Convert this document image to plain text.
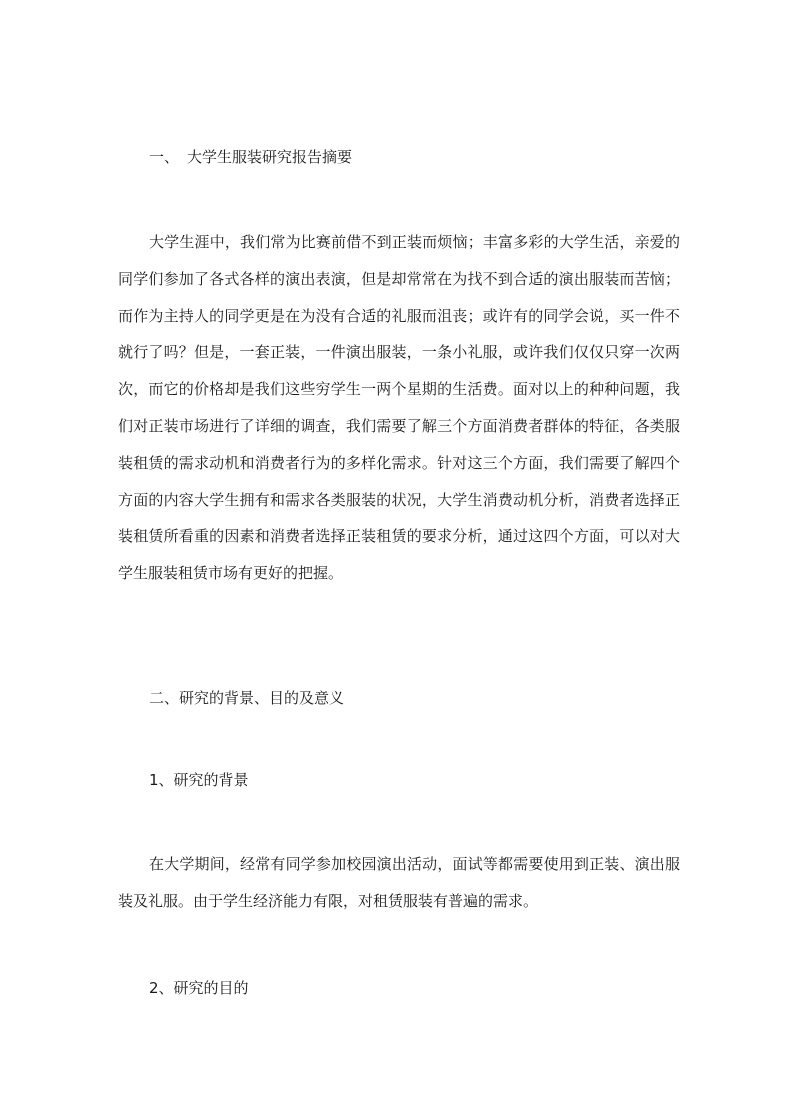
一、 大学生服装研究报告摘要

大学生涯中，我们常为比赛前借不到正装而烦恼；丰富多彩的大学生活，亲爱的同学们参加了各式各样的演出表演，但是却常常在为找不到合适的演出服装而苦恼；而作为主持人的同学更是在为没有合适的礼服而沮丧；或许有的同学会说，买一件不就行了吗？但是，一套正装，一件演出服装，一条小礼服，或许我们仅仅只穿一次两次，而它的价格却是我们这些穷学生一两个星期的生活费。面对以上的种种问题，我们对正装市场进行了详细的调查，我们需要了解三个方面消费者群体的特征，各类服装租赁的需求动机和消费者行为的多样化需求。针对这三个方面，我们需要了解四个方面的内容大学生拥有和需求各类服装的状况，大学生消费动机分析，消费者选择正装租赁所看重的因素和消费者选择正装租赁的要求分析，通过这四个方面，可以对大学生服装租赁市场有更好的把握。

二、研究的背景、目的及意义
1、研究的背景

在大学期间，经常有同学参加校园演出活动，面试等都需要使用到正装、演出服装及礼服。由于学生经济能力有限，对租赁服装有普遍的需求。

2、研究的目的
